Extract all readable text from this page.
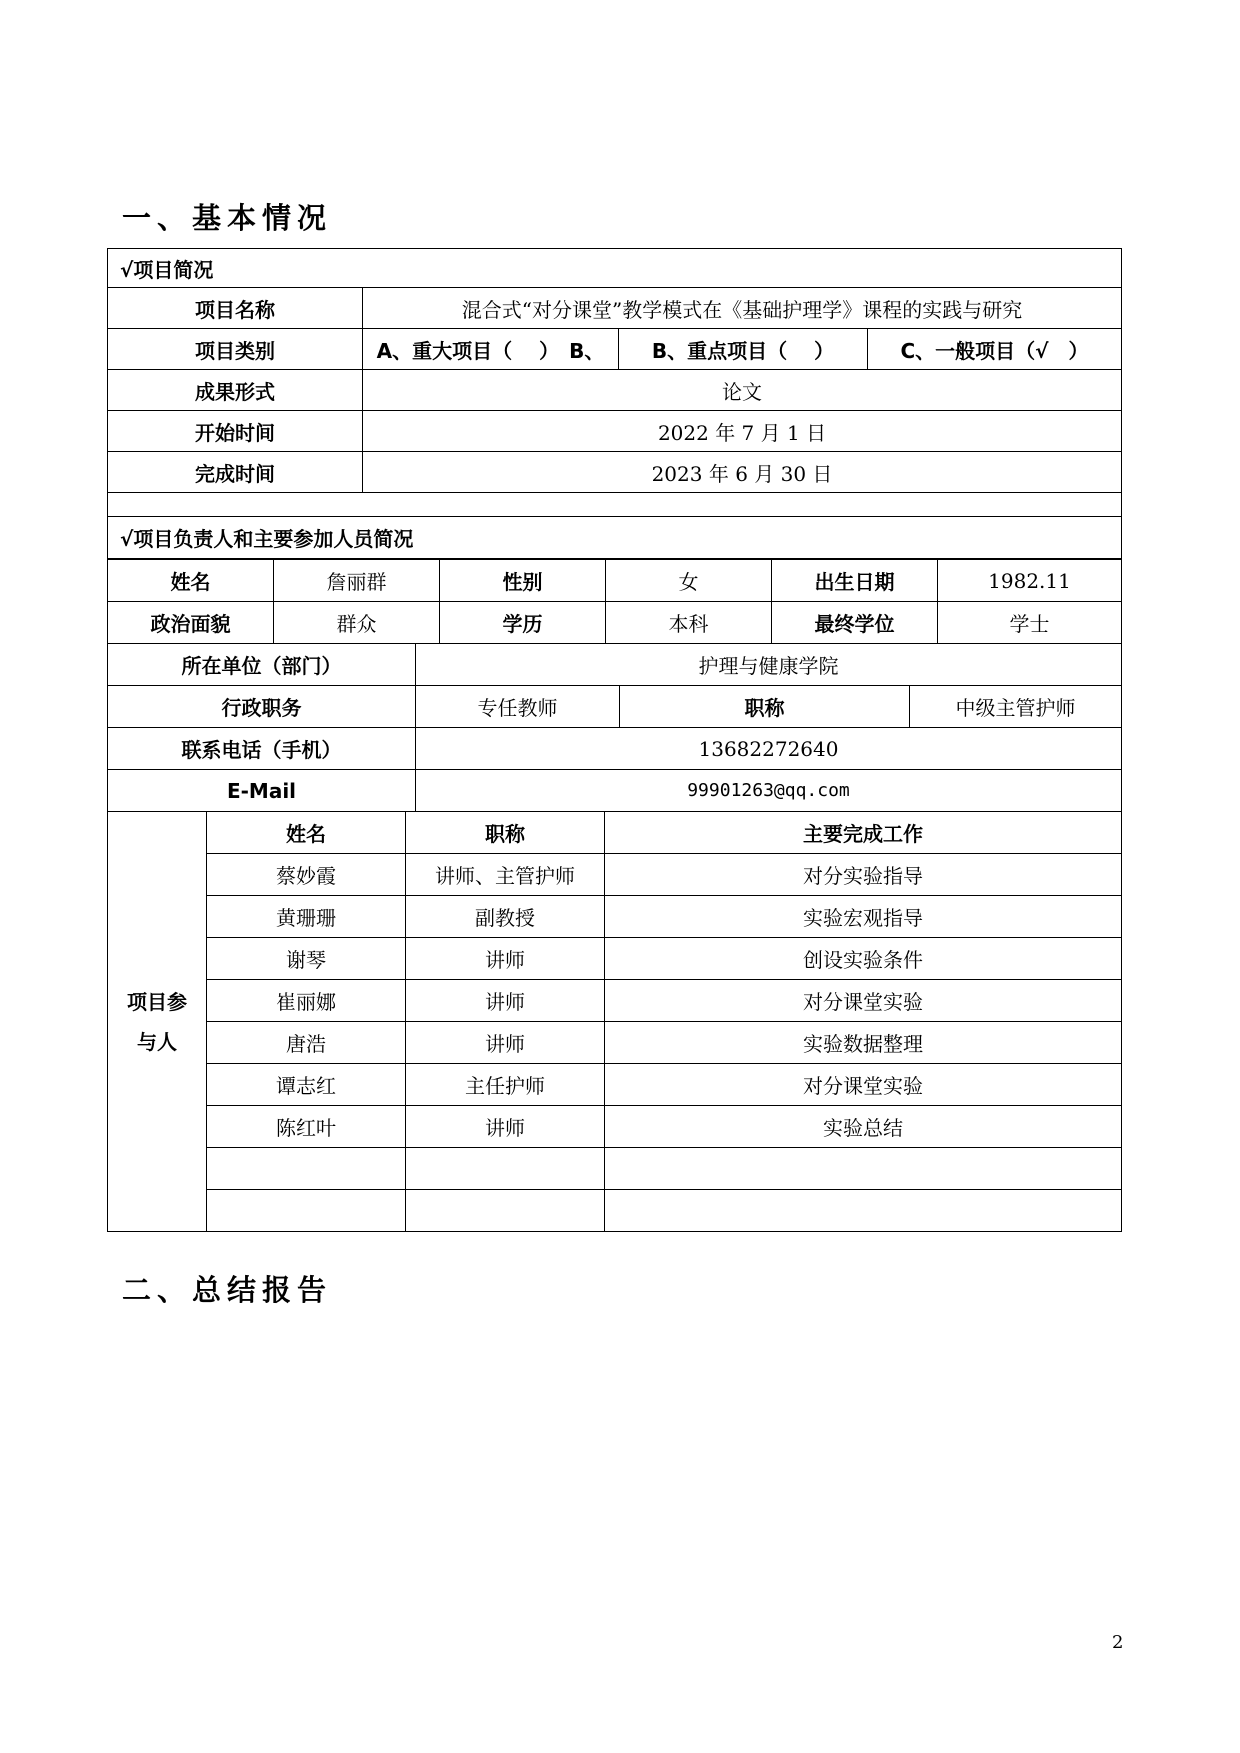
一、基本情况
√项目简况			
项目名称	混合式“对分课堂”教学模式在《基础护理学》课程的实践与研究		
项目类别	A、重大项目（　 ）　B、	B、重点项目（　 ）	C、一般项目（√　）
成果形式	论文		
开始时间	2022 年 7 月 1 日		
完成时间	2023 年 6 月 30 日		

√项目负责人和主要参加人员简况			
姓名	詹丽群	性别	女	出生日期	1982.11
政治面貌	群众	学历	本科	最终学位	学士
所在单位（部门）	护理与健康学院		
行政职务	专任教师	职称	中级主管护师
联系电话（手机）	13682272640		
E-Mail	99901263@qq.com		
项目参
与人	姓名	职称	主要完成工作
	蔡妙霞	讲师、主管护师	对分实验指导
	黄珊珊	副教授	实验宏观指导
	谢琴	讲师	创设实验条件
	崔丽娜	讲师	对分课堂实验
	唐浩	讲师	实验数据整理
	谭志红	主任护师	对分课堂实验
	陈红叶	讲师	实验总结

二、总结报告
2
